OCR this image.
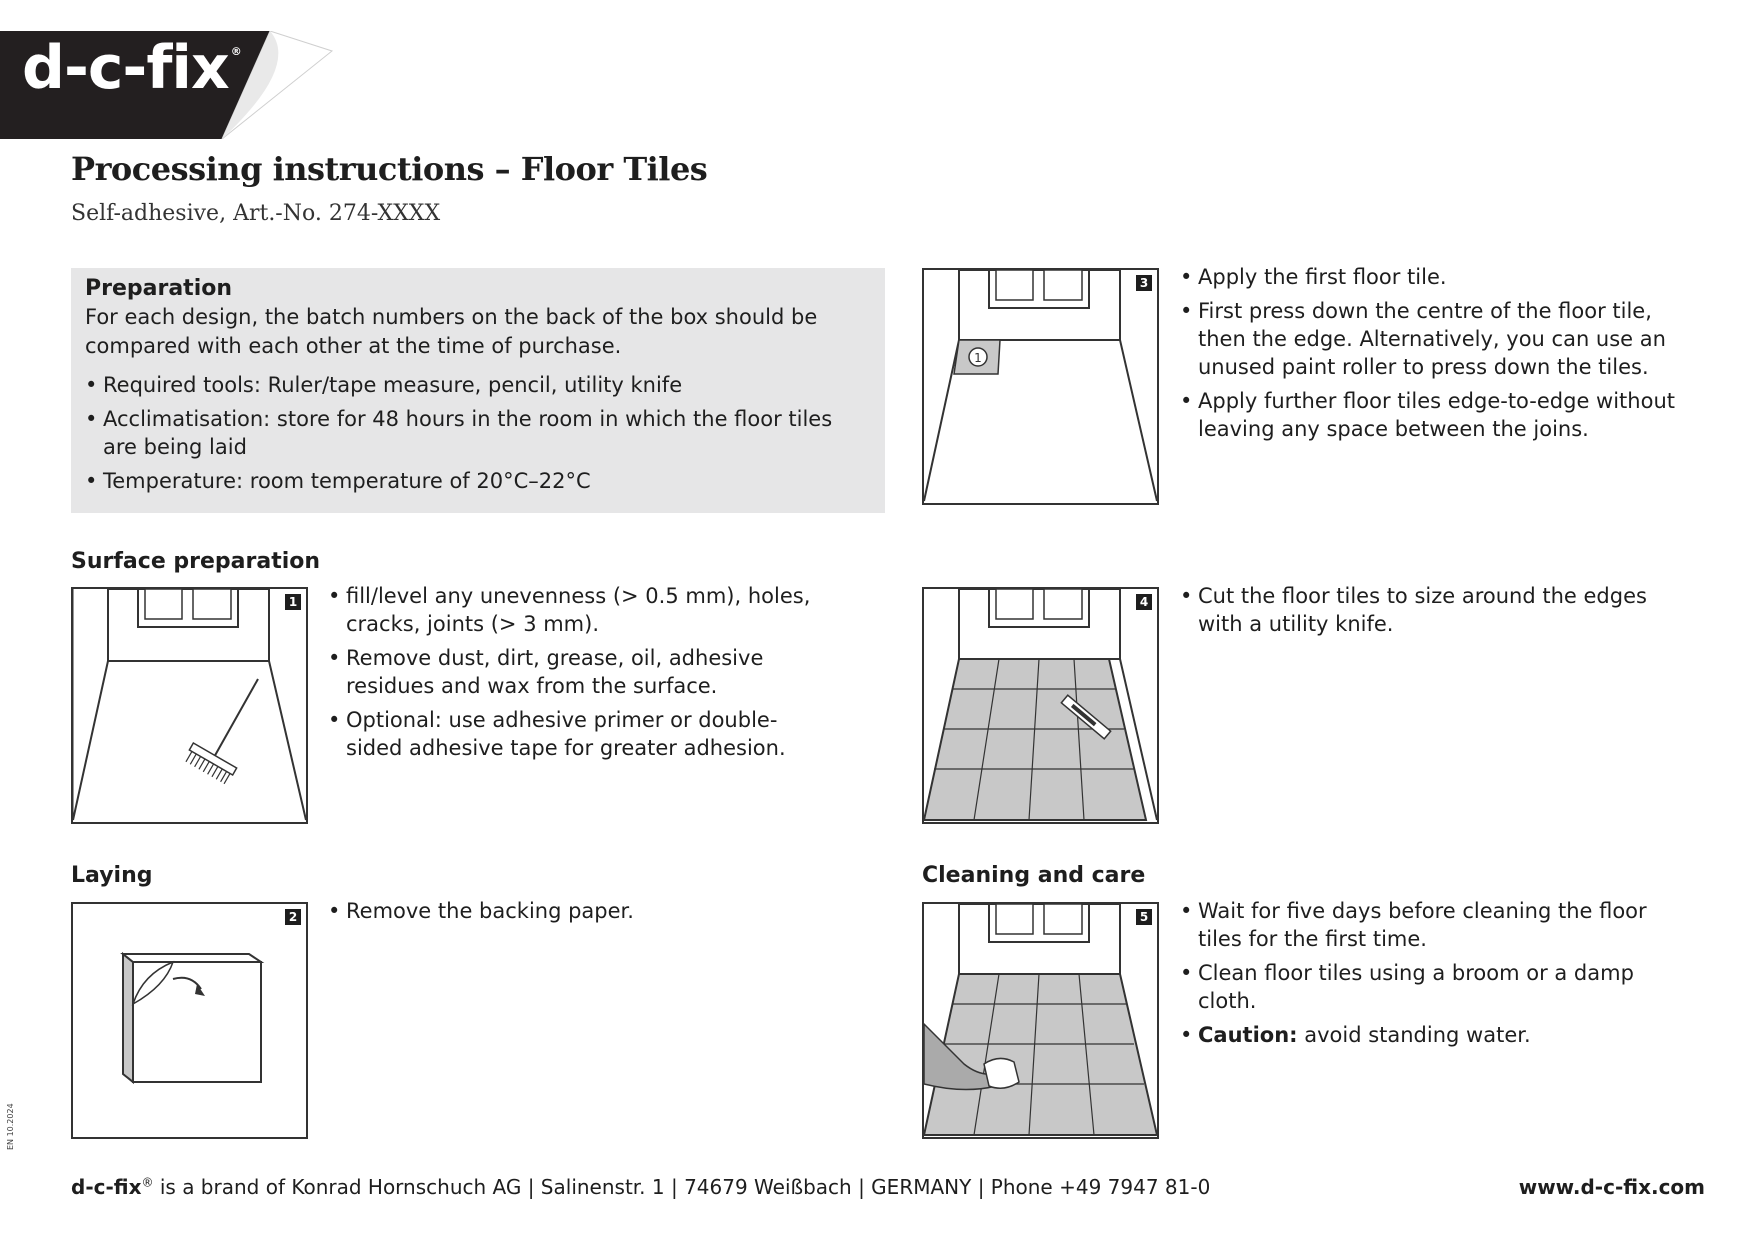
d-c-fix ®
Processing instructions – Floor Tiles
Self-adhesive, Art.-No. 274-XXXX
Preparation

For each design, the batch numbers on the back of the box should be compared with each other at the time of purchase.

• Required tools: Ruler/tape measure, pencil, utility knife
• Acclimatisation: store for 48 hours in the room in which the floor tiles are being laid
• Temperature: room temperature of 20°C–22°C
Surface preparation
1	• fill/level any unevenness (> 0.5 mm), holes, cracks, joints (> 3 mm).
• Remove dust, dirt, grease, oil, adhesive residues and wax from the surface.
• Optional: use adhesive primer or double-sided adhesive tape for greater adhesion.
Laying
2	• Remove the backing paper.
1
3	• Apply the first floor tile.
• First press down the centre of the floor tile, then the edge. Alternatively, you can use an unused paint roller to press down the tiles.
• Apply further floor tiles edge-to-edge without leaving any space between the joins.
4	• Cut the floor tiles to size around the edges with a utility knife.
Cleaning and care
5	• Wait for five days before cleaning the floor tiles for the first time.
• Clean floor tiles using a broom or a damp cloth.
• Caution: avoid standing water.
d-c-fix® is a brand of Konrad Hornschuch AG | Salinenstr. 1 | 74679 Weißbach | GERMANY | Phone +49 7947 81-0	www.d-c-fix.com
EN 10.2024
